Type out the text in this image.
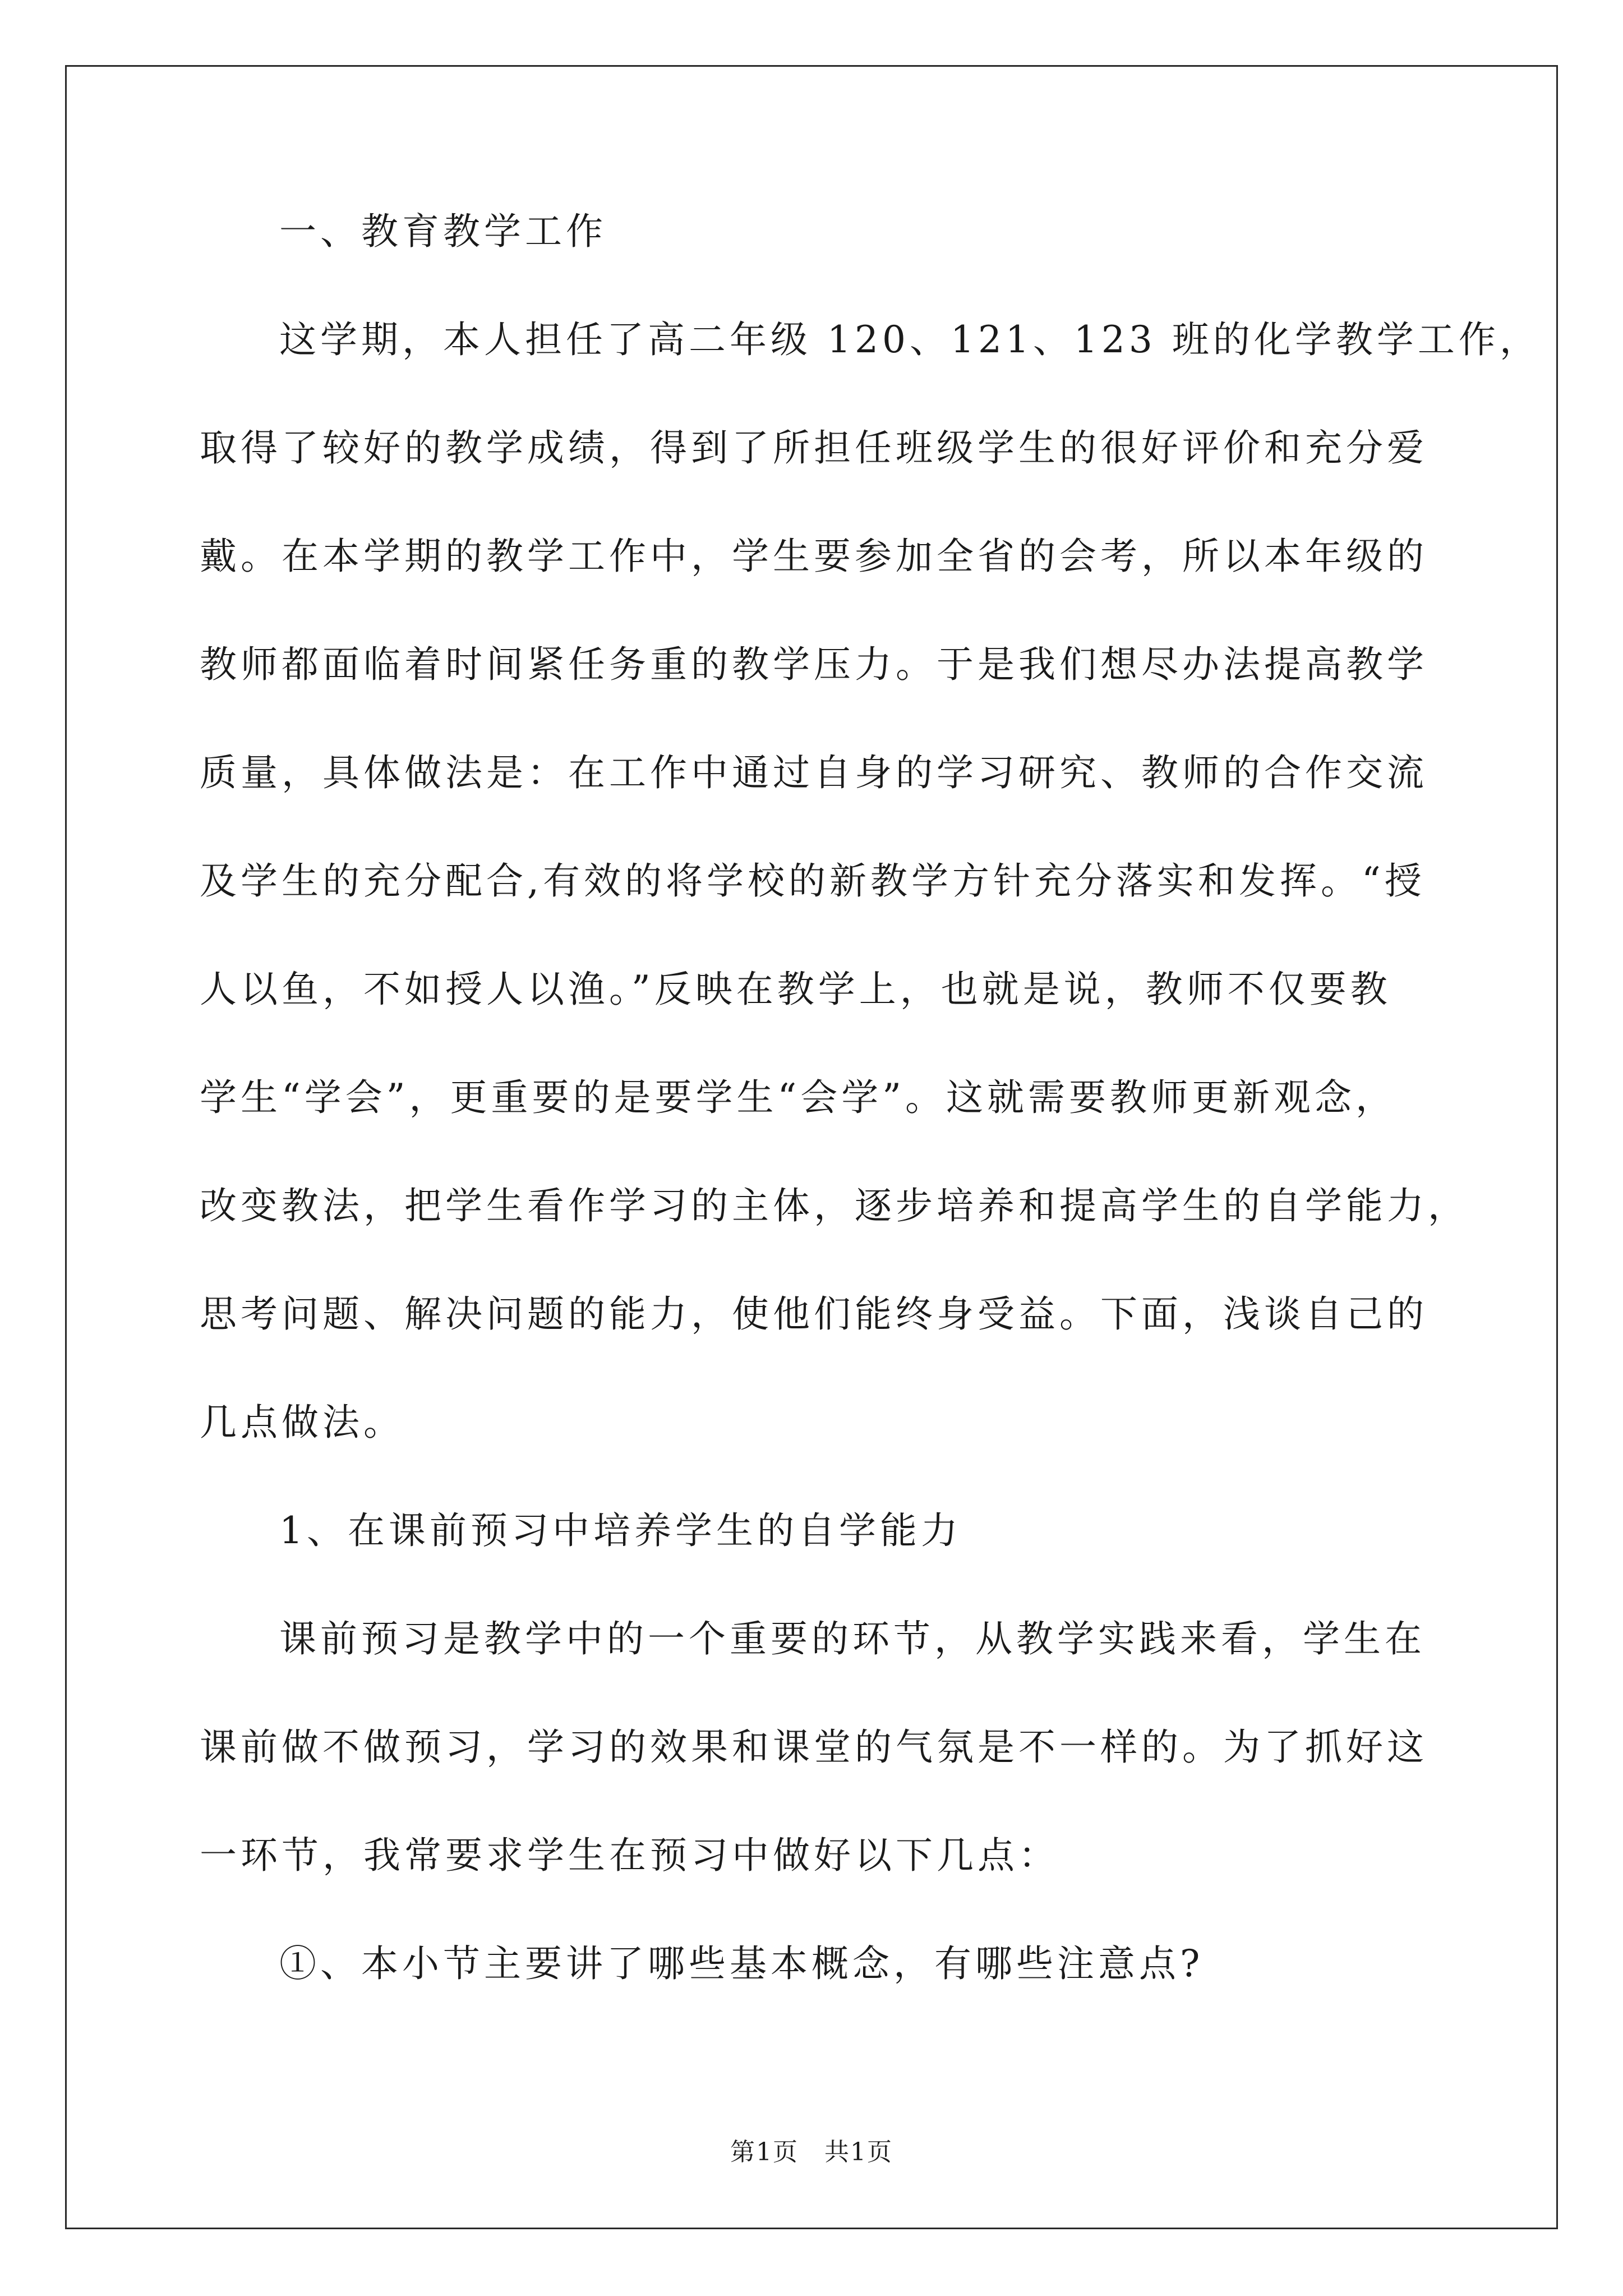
一、教育教学工作
这学期，本人担任了高二年级 120、121、123 班的化学教学工作，
取得了较好的教学成绩，得到了所担任班级学生的很好评价和充分爱
戴。在本学期的教学工作中，学生要参加全省的会考，所以本年级的
教师都面临着时间紧任务重的教学压力。于是我们想尽办法提高教学
质量，具体做法是：在工作中通过自身的学习研究、教师的合作交流
及学生的充分配合,有效的将学校的新教学方针充分落实和发挥。“授
人以鱼，不如授人以渔。”反映在教学上，也就是说，教师不仅要教
学生“学会”，更重要的是要学生“会学”。这就需要教师更新观念，
改变教法，把学生看作学习的主体，逐步培养和提高学生的自学能力，
思考问题、解决问题的能力，使他们能终身受益。下面，浅谈自己的
几点做法。
1、在课前预习中培养学生的自学能力
课前预习是教学中的一个重要的环节，从教学实践来看，学生在
课前做不做预习，学习的效果和课堂的气氛是不一样的。为了抓好这
一环节，我常要求学生在预习中做好以下几点：
①、本小节主要讲了哪些基本概念，有哪些注意点?
第1页　共1页
